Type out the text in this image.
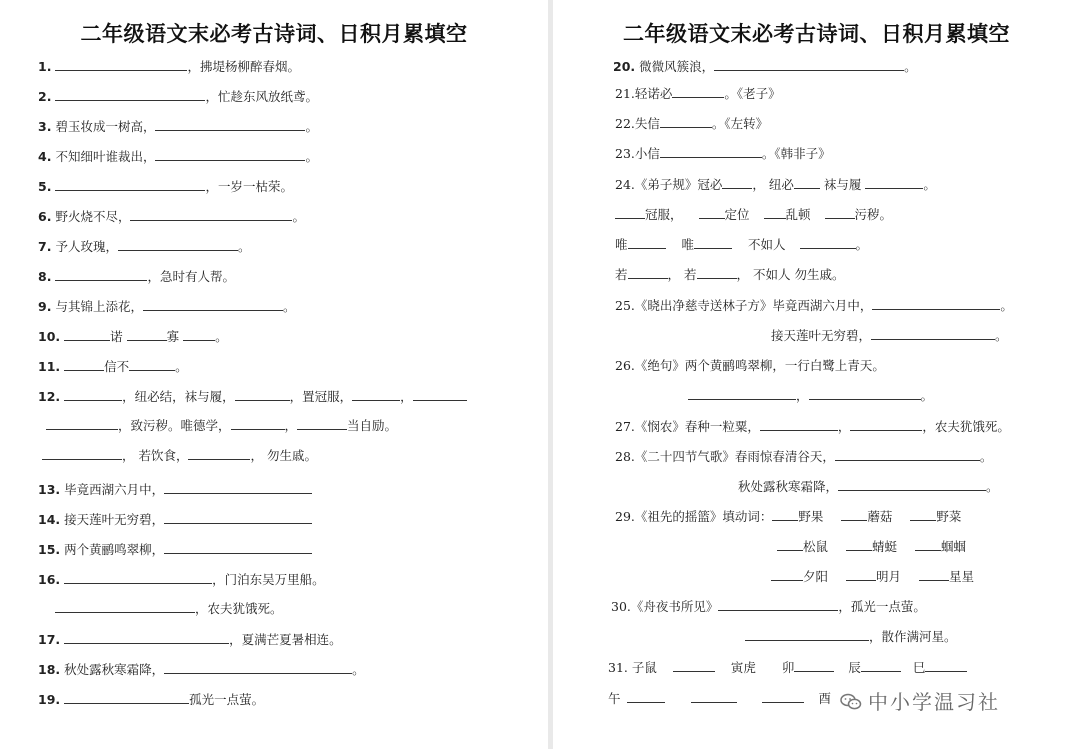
二年级语文末必考古诗词、日积月累填空
1.	，拂堤杨柳醉春烟。
2.	，忙趁东风放纸鸢。
3. 碧玉妆成一树高，	。
4. 不知细叶谁裁出，	。
5.	，一岁一枯荣。
6. 野火烧不尽，	。
7. 予人玫瑰，	。
8.	，急时有人帮。
9. 与其锦上添花，	。
10.	诺	寡	。
11.	信不	。
12.	，纽必结，袜与履，	，置冠服，	，
，致污秽。唯德学，	，	当自励。
， 若饮食，	， 勿生戚。
13. 毕竟西湖六月中，
14. 接天莲叶无穷碧，
15. 两个黄鹂鸣翠柳，
16.	，门泊东吴万里船。
，农夫犹饿死。
17.	，夏满芒夏暑相连。
18. 秋处露秋寒霜降，	。
19.	孤光一点萤。
二年级语文末必考古诗词、日积月累填空
20. 微微风簇浪，	。
21.轻诺必	。《老子》
22.失信	。《左转》
23.小信	。《韩非子》
24.《弟子规》冠必 ， 纽必 袜与履	。
冠服，	定位	乱顿	污秽。
唯	唯	不如人	。
若	， 若	， 不如人 勿生戚。
25.《晓出净慈寺送林子方》毕竟西湖六月中，	。
接天莲叶无穷碧，	。
26.《绝句》两个黄鹂鸣翠柳，一行白鹭上青天。
，	。
27.《悯农》春种一粒粟，	，	，农夫犹饿死。
28.《二十四节气歌》春雨惊春清谷天，	。
秋处露秋寒霜降，	。
29.《祖先的摇篮》填动词： 野果	蘑菇	野菜
松鼠	蜻蜓	蝈蝈
夕阳	明月	星星
30.《舟夜书所见》	，孤光一点萤。
，散作满河星。
31. 子鼠	寅虎 卯	辰	巳
午	酉 中小学温习社
